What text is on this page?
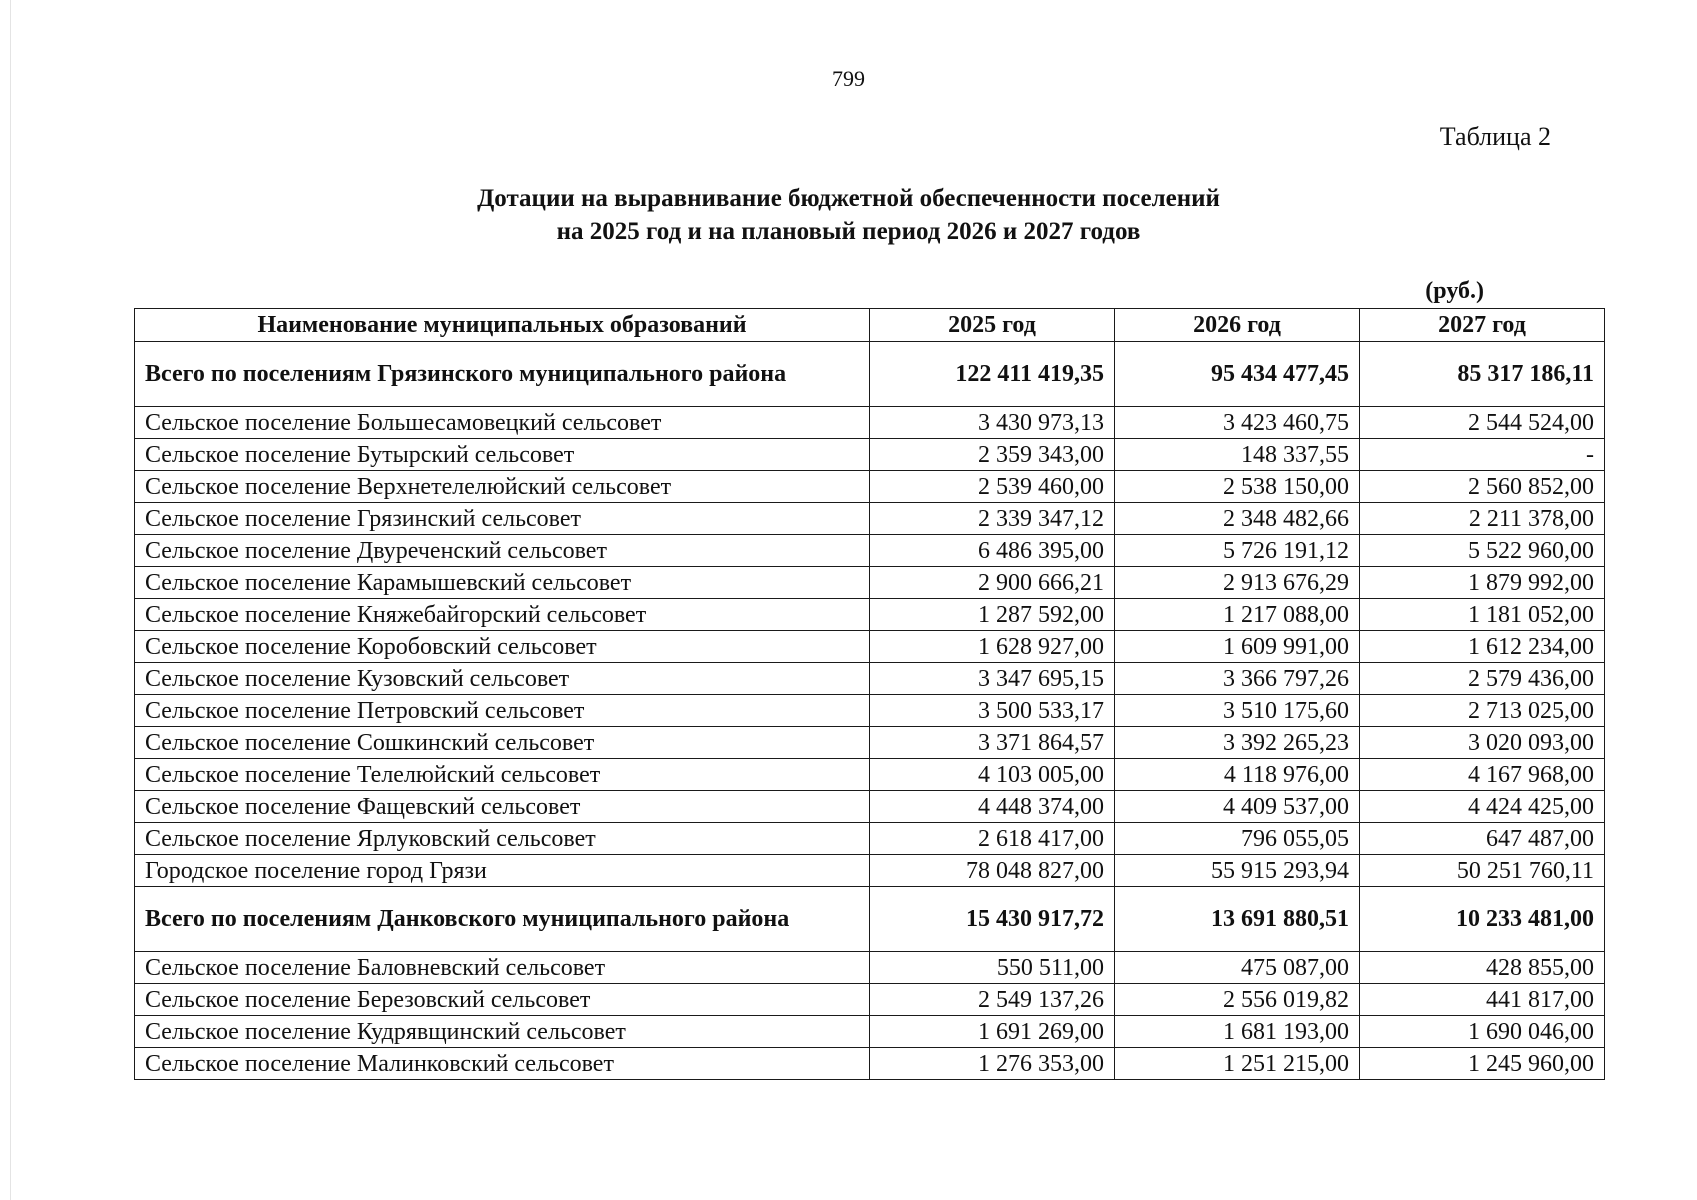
799
Таблица 2
Дотации на выравнивание бюджетной обеспеченности поселений
на 2025 год и на плановый период 2026 и 2027 годов
(руб.)
Наименование муниципальных образований	2025 год	2026 год	2027 год
Всего по поселениям Грязинского муниципального района	122 411 419,35	95 434 477,45	85 317 186,11
Сельское поселение Большесамовецкий сельсовет	3 430 973,13	3 423 460,75	2 544 524,00
Сельское поселение Бутырский сельсовет	2 359 343,00	148 337,55	-
Сельское поселение Верхнетелелюйский сельсовет	2 539 460,00	2 538 150,00	2 560 852,00
Сельское поселение Грязинский сельсовет	2 339 347,12	2 348 482,66	2 211 378,00
Сельское поселение Двуреченский сельсовет	6 486 395,00	5 726 191,12	5 522 960,00
Сельское поселение Карамышевский сельсовет	2 900 666,21	2 913 676,29	1 879 992,00
Сельское поселение Княжебайгорский сельсовет	1 287 592,00	1 217 088,00	1 181 052,00
Сельское поселение Коробовский сельсовет	1 628 927,00	1 609 991,00	1 612 234,00
Сельское поселение Кузовский сельсовет	3 347 695,15	3 366 797,26	2 579 436,00
Сельское поселение Петровский сельсовет	3 500 533,17	3 510 175,60	2 713 025,00
Сельское поселение Сошкинский сельсовет	3 371 864,57	3 392 265,23	3 020 093,00
Сельское поселение Телелюйский сельсовет	4 103 005,00	4 118 976,00	4 167 968,00
Сельское поселение Фащевский сельсовет	4 448 374,00	4 409 537,00	4 424 425,00
Сельское поселение Ярлуковский сельсовет	2 618 417,00	796 055,05	647 487,00
Городское поселение город Грязи	78 048 827,00	55 915 293,94	50 251 760,11
Всего по поселениям Данковского муниципального района	15 430 917,72	13 691 880,51	10 233 481,00
Сельское поселение Баловневский сельсовет	550 511,00	475 087,00	428 855,00
Сельское поселение Березовский сельсовет	2 549 137,26	2 556 019,82	441 817,00
Сельское поселение Кудрявщинский сельсовет	1 691 269,00	1 681 193,00	1 690 046,00
Сельское поселение Малинковский сельсовет	1 276 353,00	1 251 215,00	1 245 960,00
